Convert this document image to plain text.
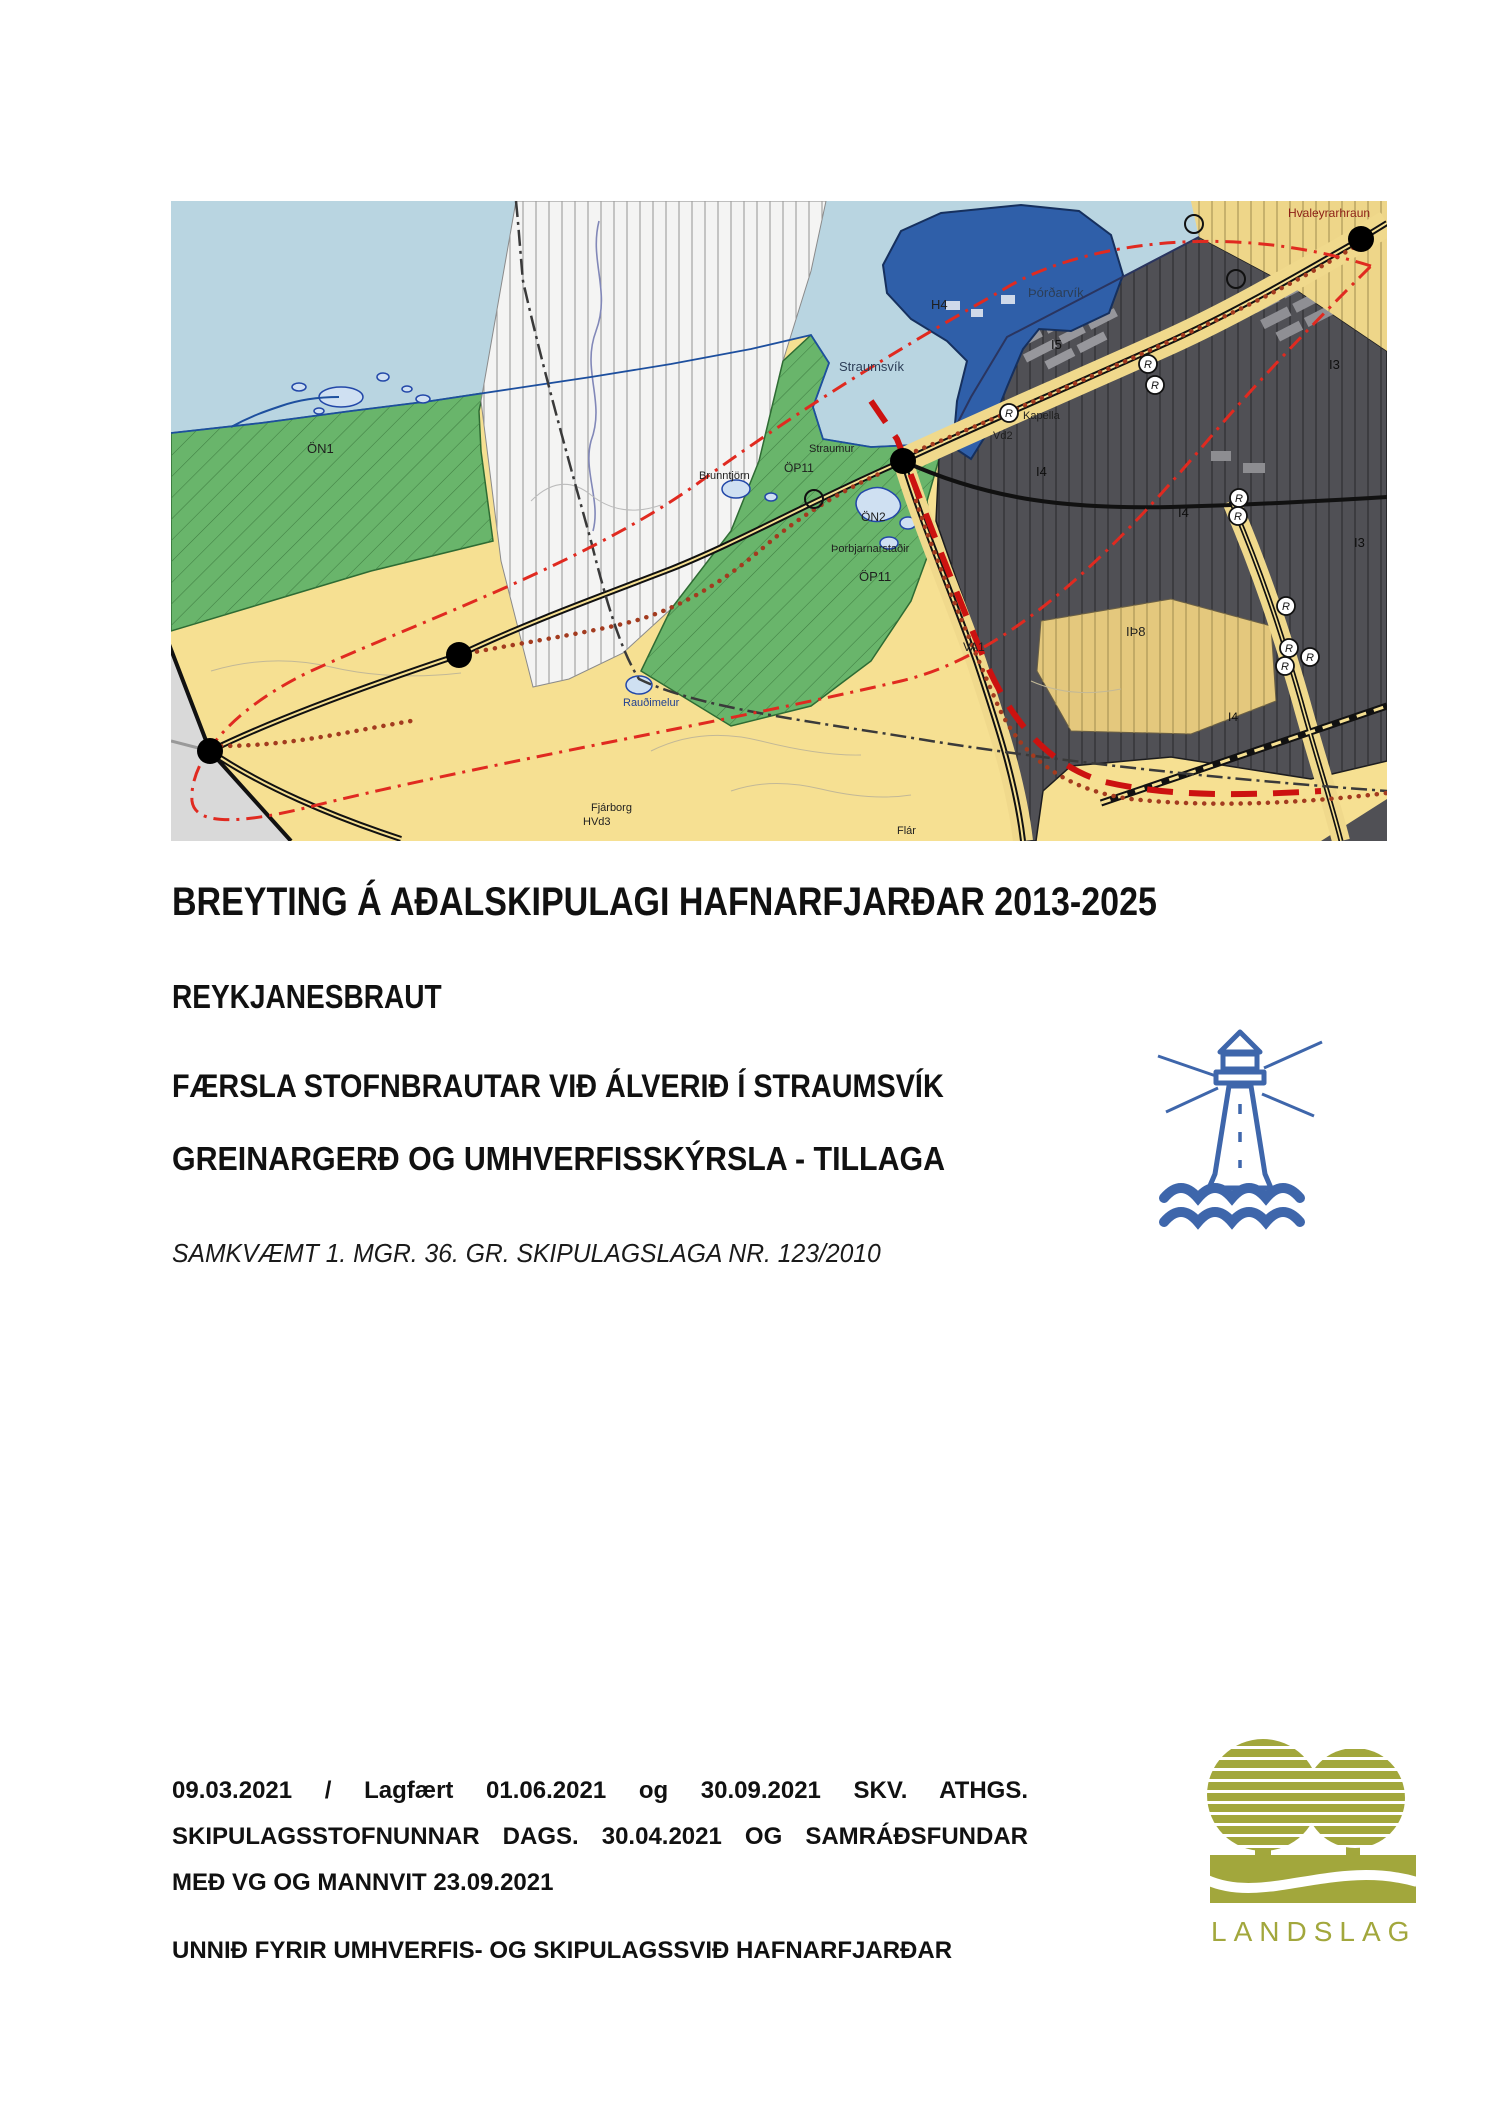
R
R
R
R
R
R
R
R
R
ÖN1
Straumsvík
Þórðarvík
H4
I5
Hvaleyrarhraun
Kapella
Vd2
Straumur
ÖP11
Brunntjörn
ÖN2
Þorbjarnarstaðir
ÖP11
VA1
I4
I4
I3
I3
IÞ8
I4
Rauðimelur
Fjárborg
HVd3
Flár
BREYTING Á AÐALSKIPULAGI HAFNARFJARÐAR 2013-2025
REYKJANESBRAUT
FÆRSLA STOFNBRAUTAR VIÐ ÁLVERIÐ Í STRAUMSVÍK
GREINARGERÐ OG UMHVERFISSKÝRSLA - TILLAGA
SAMKVÆMT 1. MGR. 36. GR. SKIPULAGSLAGA NR. 123/2010
09.03.2021 / Lagfært 01.06.2021 og 30.09.2021 SKV. ATHGS.
SKIPULAGSSTOFNUNNAR DAGS. 30.04.2021 OG SAMRÁÐSFUNDAR
MEÐ VG OG MANNVIT 23.09.2021
UNNIÐ FYRIR UMHVERFIS- OG SKIPULAGSSVIÐ HAFNARFJARÐAR
LANDSLAG
